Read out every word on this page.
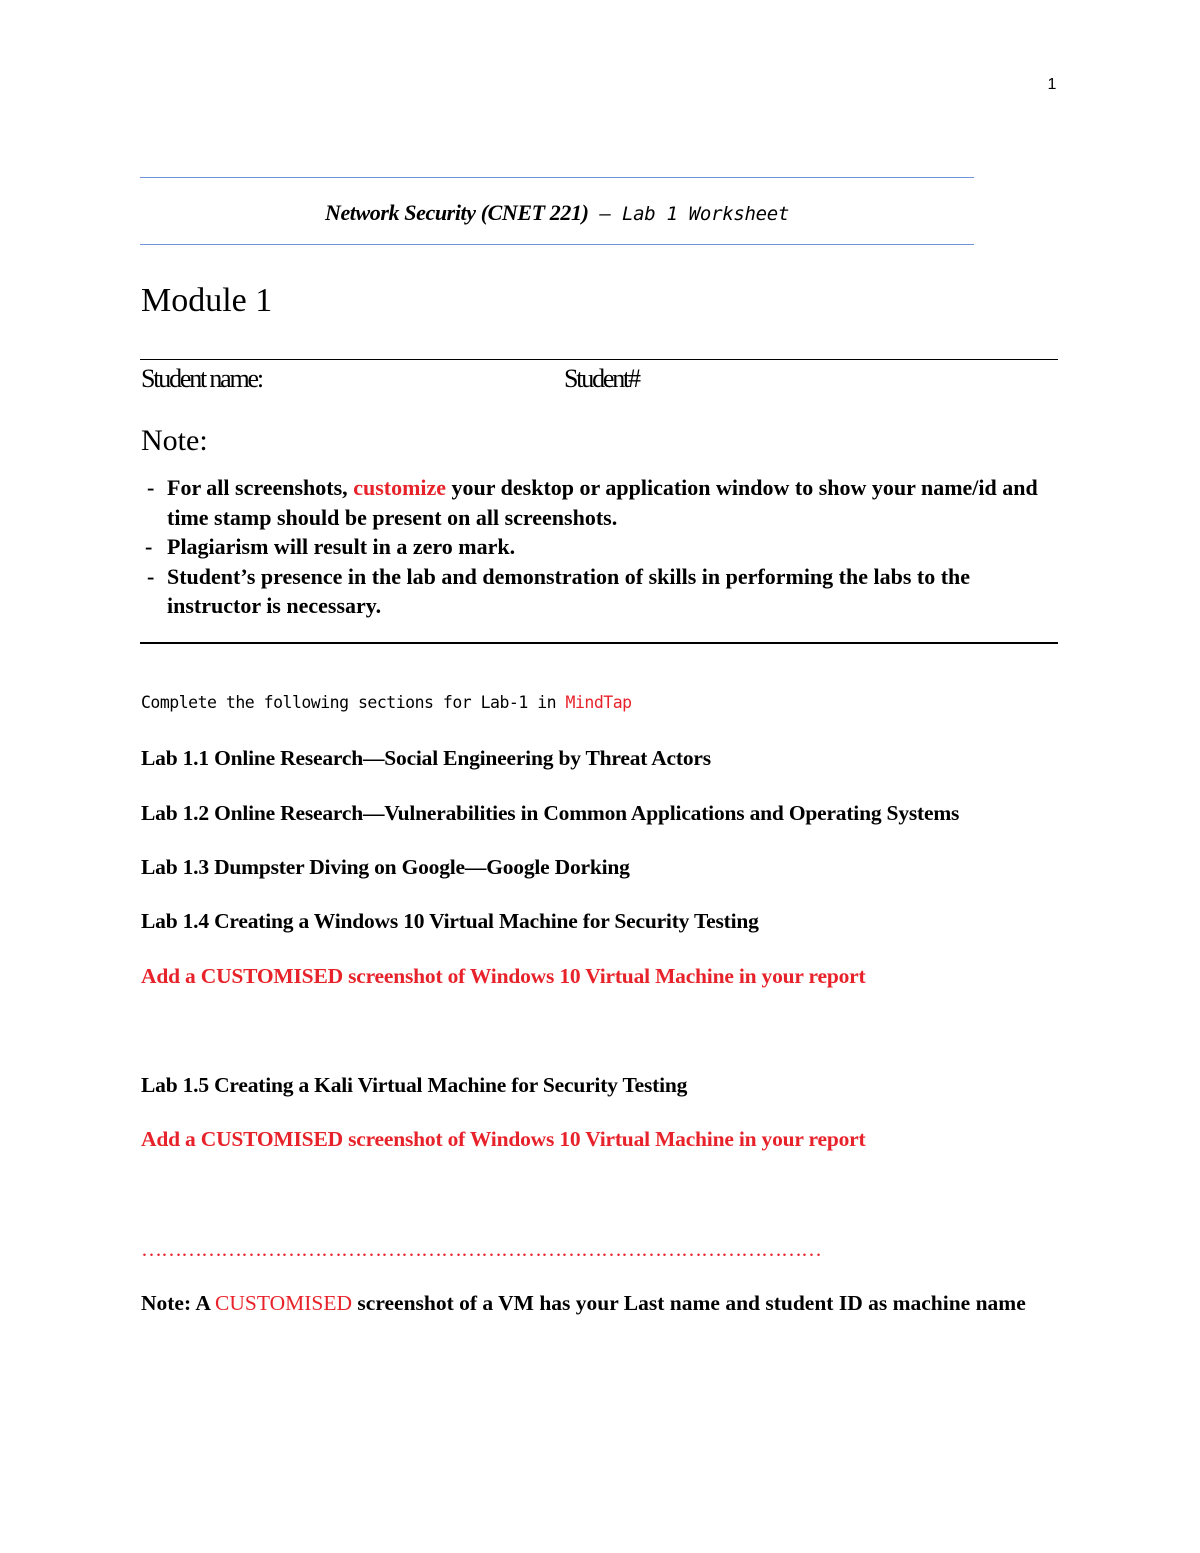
1
Network Security (CNET 221) – Lab 1 Worksheet
Module 1
Student name:	Student#
Note:
- For all screenshots, customize your desktop or application window to show your name/id and time stamp should be present on all screenshots.
- Plagiarism will result in a zero mark.
- Student’s presence in the lab and demonstration of skills in performing the labs to the instructor is necessary.
Complete the following sections for Lab-1 in MindTap
Lab 1.1 Online Research—Social Engineering by Threat Actors
Lab 1.2 Online Research—Vulnerabilities in Common Applications and Operating Systems
Lab 1.3 Dumpster Diving on Google—Google Dorking
Lab 1.4 Creating a Windows 10 Virtual Machine for Security Testing
Add a CUSTOMISED screenshot of Windows 10 Virtual Machine in your report
Lab 1.5 Creating a Kali Virtual Machine for Security Testing
Add a CUSTOMISED screenshot of Windows 10 Virtual Machine in your report
…………………………………………………………………………………………
Note: A CUSTOMISED screenshot of a VM has your Last name and student ID as machine name
